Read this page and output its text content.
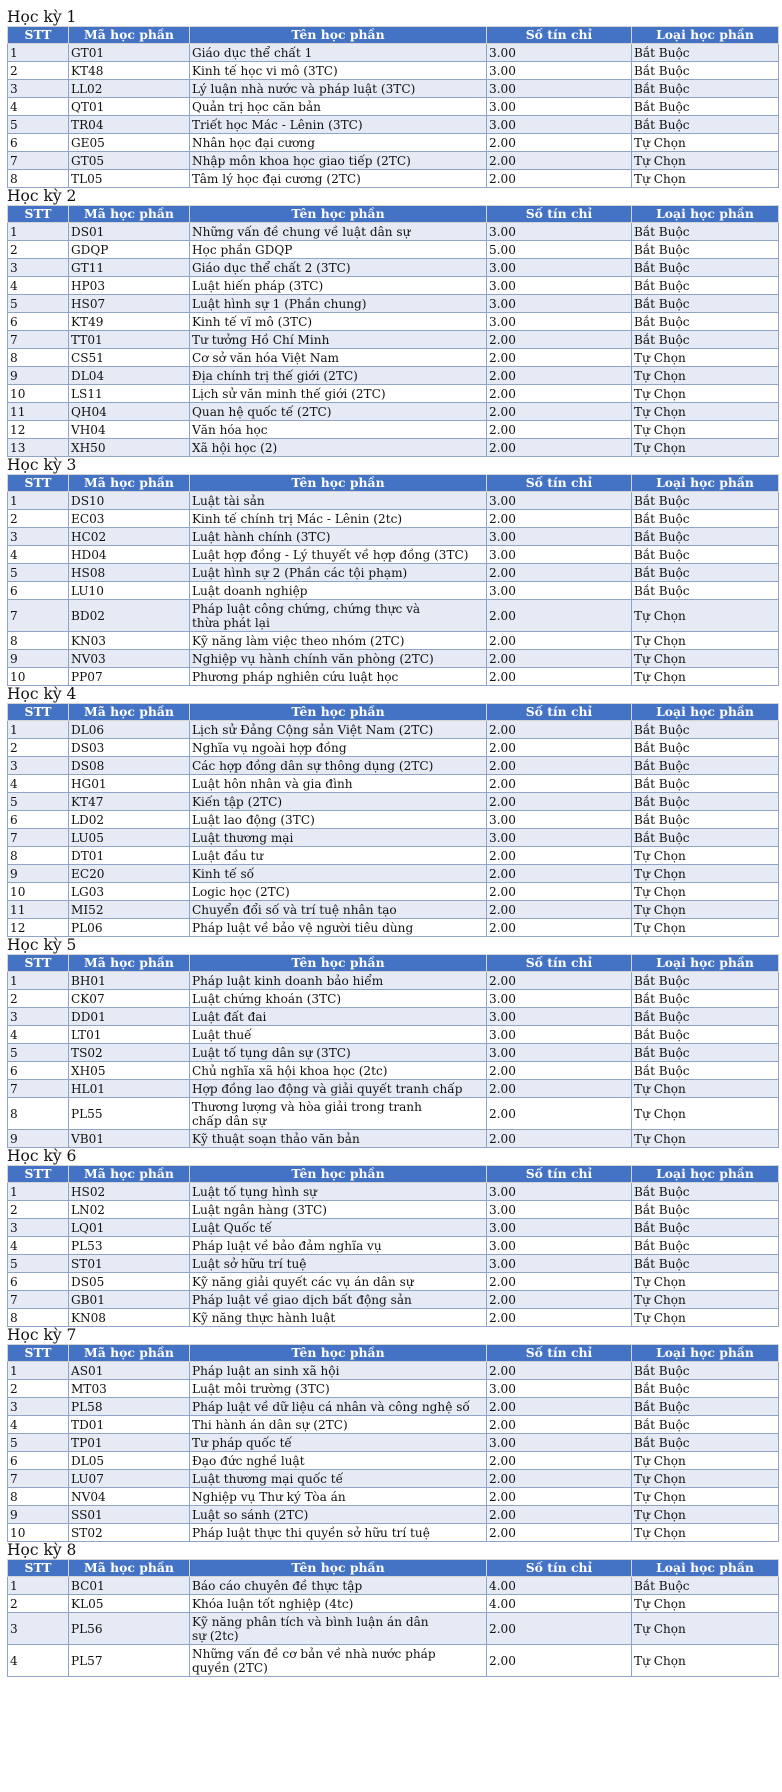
Học kỳ 1
STT	Mã học phần	Tên học phần	Số tín chỉ	Loại học phần
1	GT01	Giáo dục thể chất 1	3.00	Bắt Buộc
2	KT48	Kinh tế học vi mô (3TC)	3.00	Bắt Buộc
3	LL02	Lý luận nhà nước và pháp luật (3TC)	3.00	Bắt Buộc
4	QT01	Quản trị học căn bản	3.00	Bắt Buộc
5	TR04	Triết học Mác - Lênin (3TC)	3.00	Bắt Buộc
6	GE05	Nhân học đại cương	2.00	Tự Chọn
7	GT05	Nhập môn khoa học giao tiếp (2TC)	2.00	Tự Chọn
8	TL05	Tâm lý học đại cương (2TC)	2.00	Tự Chọn
Học kỳ 2
STT	Mã học phần	Tên học phần	Số tín chỉ	Loại học phần
1	DS01	Những vấn đề chung về luật dân sự	3.00	Bắt Buộc
2	GDQP	Học phần GDQP	5.00	Bắt Buộc
3	GT11	Giáo dục thể chất 2 (3TC)	3.00	Bắt Buộc
4	HP03	Luật hiến pháp (3TC)	3.00	Bắt Buộc
5	HS07	Luật hình sự 1 (Phần chung)	3.00	Bắt Buộc
6	KT49	Kinh tế vĩ mô (3TC)	3.00	Bắt Buộc
7	TT01	Tư tưởng Hồ Chí Minh	2.00	Bắt Buộc
8	CS51	Cơ sở văn hóa Việt Nam	2.00	Tự Chọn
9	DL04	Địa chính trị thế giới (2TC)	2.00	Tự Chọn
10	LS11	Lịch sử văn minh thế giới (2TC)	2.00	Tự Chọn
11	QH04	Quan hệ quốc tế (2TC)	2.00	Tự Chọn
12	VH04	Văn hóa học	2.00	Tự Chọn
13	XH50	Xã hội học (2)	2.00	Tự Chọn
Học kỳ 3
STT	Mã học phần	Tên học phần	Số tín chỉ	Loại học phần
1	DS10	Luật tài sản	3.00	Bắt Buộc
2	EC03	Kinh tế chính trị Mác - Lênin (2tc)	2.00	Bắt Buộc
3	HC02	Luật hành chính (3TC)	3.00	Bắt Buộc
4	HD04	Luật hợp đồng - Lý thuyết về hợp đồng (3TC)	3.00	Bắt Buộc
5	HS08	Luật hình sự 2 (Phần các tội phạm)	2.00	Bắt Buộc
6	LU10	Luật doanh nghiệp	3.00	Bắt Buộc
7	BD02	Pháp luật công chứng, chứng thực và thừa phát lại	2.00	Tự Chọn
8	KN03	Kỹ năng làm việc theo nhóm (2TC)	2.00	Tự Chọn
9	NV03	Nghiệp vụ hành chính văn phòng (2TC)	2.00	Tự Chọn
10	PP07	Phương pháp nghiên cứu luật học	2.00	Tự Chọn
Học kỳ 4
STT	Mã học phần	Tên học phần	Số tín chỉ	Loại học phần
1	DL06	Lịch sử Đảng Cộng sản Việt Nam (2TC)	2.00	Bắt Buộc
2	DS03	Nghĩa vụ ngoài hợp đồng	2.00	Bắt Buộc
3	DS08	Các hợp đồng dân sự thông dụng (2TC)	2.00	Bắt Buộc
4	HG01	Luật hôn nhân và gia đình	2.00	Bắt Buộc
5	KT47	Kiến tập (2TC)	2.00	Bắt Buộc
6	LD02	Luật lao động (3TC)	3.00	Bắt Buộc
7	LU05	Luật thương mại	3.00	Bắt Buộc
8	DT01	Luật đầu tư	2.00	Tự Chọn
9	EC20	Kinh tế số	2.00	Tự Chọn
10	LG03	Logic học (2TC)	2.00	Tự Chọn
11	MI52	Chuyển đổi số và trí tuệ nhân tạo	2.00	Tự Chọn
12	PL06	Pháp luật về bảo vệ người tiêu dùng	2.00	Tự Chọn
Học kỳ 5
STT	Mã học phần	Tên học phần	Số tín chỉ	Loại học phần
1	BH01	Pháp luật kinh doanh bảo hiểm	2.00	Bắt Buộc
2	CK07	Luật chứng khoán (3TC)	3.00	Bắt Buộc
3	DD01	Luật đất đai	3.00	Bắt Buộc
4	LT01	Luật thuế	3.00	Bắt Buộc
5	TS02	Luật tố tụng dân sự (3TC)	3.00	Bắt Buộc
6	XH05	Chủ nghĩa xã hội khoa học (2tc)	2.00	Bắt Buộc
7	HL01	Hợp đồng lao động và giải quyết tranh chấp	2.00	Tự Chọn
8	PL55	Thương lượng và hòa giải trong tranh chấp dân sự	2.00	Tự Chọn
9	VB01	Kỹ thuật soạn thảo văn bản	2.00	Tự Chọn
Học kỳ 6
STT	Mã học phần	Tên học phần	Số tín chỉ	Loại học phần
1	HS02	Luật tố tụng hình sự	3.00	Bắt Buộc
2	LN02	Luật ngân hàng (3TC)	3.00	Bắt Buộc
3	LQ01	Luật Quốc tế	3.00	Bắt Buộc
4	PL53	Pháp luật về bảo đảm nghĩa vụ	3.00	Bắt Buộc
5	ST01	Luật sở hữu trí tuệ	3.00	Bắt Buộc
6	DS05	Kỹ năng giải quyết các vụ án dân sự	2.00	Tự Chọn
7	GB01	Pháp luật về giao dịch bất động sản	2.00	Tự Chọn
8	KN08	Kỹ năng thực hành luật	2.00	Tự Chọn
Học kỳ 7
STT	Mã học phần	Tên học phần	Số tín chỉ	Loại học phần
1	AS01	Pháp luật an sinh xã hội	2.00	Bắt Buộc
2	MT03	Luật môi trường (3TC)	3.00	Bắt Buộc
3	PL58	Pháp luật về dữ liệu cá nhân và công nghệ số	2.00	Bắt Buộc
4	TD01	Thi hành án dân sự (2TC)	2.00	Bắt Buộc
5	TP01	Tư pháp quốc tế	3.00	Bắt Buộc
6	DL05	Đạo đức nghề luật	2.00	Tự Chọn
7	LU07	Luật thương mại quốc tế	2.00	Tự Chọn
8	NV04	Nghiệp vụ Thư ký Tòa án	2.00	Tự Chọn
9	SS01	Luật so sánh (2TC)	2.00	Tự Chọn
10	ST02	Pháp luật thực thi quyền sở hữu trí tuệ	2.00	Tự Chọn
Học kỳ 8
STT	Mã học phần	Tên học phần	Số tín chỉ	Loại học phần
1	BC01	Báo cáo chuyên đề thực tập	4.00	Bắt Buộc
2	KL05	Khóa luận tốt nghiệp (4tc)	4.00	Tự Chọn
3	PL56	Kỹ năng phân tích và bình luận án dân sự (2tc)	2.00	Tự Chọn
4	PL57	Những vấn đề cơ bản về nhà nước pháp quyền (2TC)	2.00	Tự Chọn
